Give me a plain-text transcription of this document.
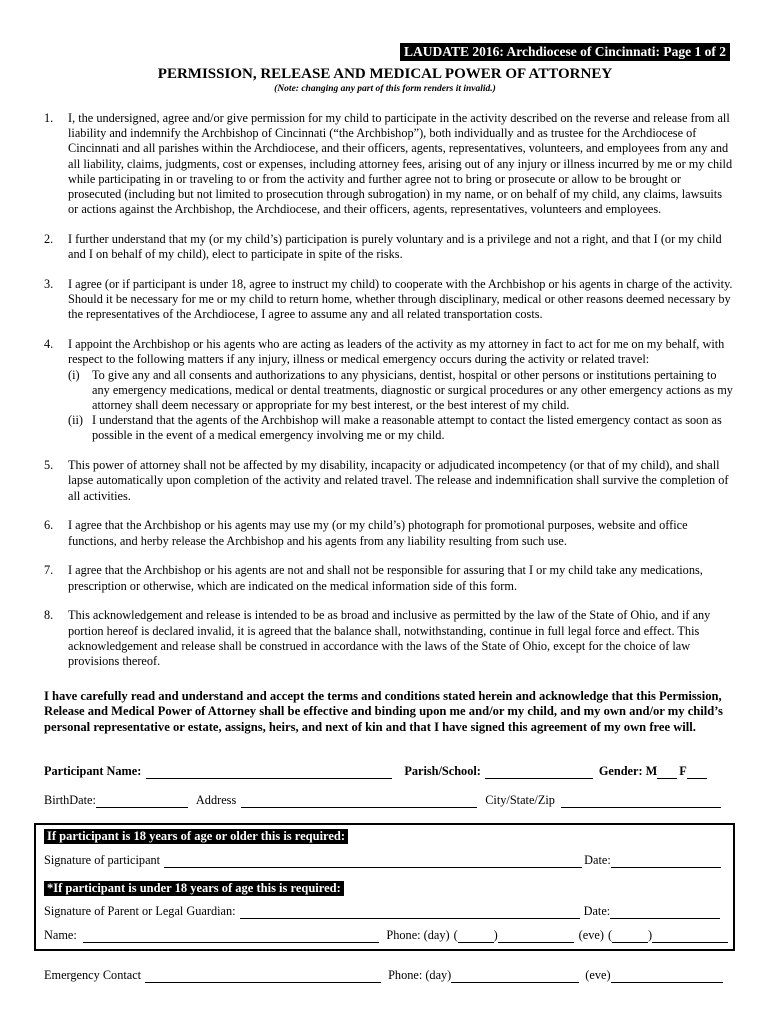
LAUDATE 2016: Archdiocese of Cincinnati: Page 1 of 2
PERMISSION, RELEASE AND MEDICAL POWER OF ATTORNEY
(Note: changing any part of this form renders it invalid.)
1.	I, the undersigned, agree and/or give permission for my child to participate in the activity described on the reverse and release from all liability and indemnify the Archbishop of Cincinnati (“the Archbishop”), both individually and as trustee for the Archdiocese of Cincinnati and all parishes within the Archdiocese, and their officers, agents, representatives, volunteers, and employees from any and all liability, claims, judgments, cost or expenses, including attorney fees, arising out of any injury or illness incurred by me or my child while participating in or traveling to or from the activity and further agree not to bring or prosecute or allow to be brought or prosecuted (including but not limited to prosecution through subrogation) in my name, or on behalf of my child, any claims, lawsuits or actions against the Archbishop, the Archdiocese, and their officers, agents, representatives, volunteers and employees.
2.	I further understand that my (or my child’s) participation is purely voluntary and is a privilege and not a right, and that I (or my child and I on behalf of my child), elect to participate in spite of the risks.
3.	I agree (or if participant is under 18, agree to instruct my child) to cooperate with the Archbishop or his agents in charge of the activity. Should it be necessary for me or my child to return home, whether through disciplinary, medical or other reasons deemed necessary by the representatives of the Archdiocese, I agree to assume any and all related transportation costs.
4.	I appoint the Archbishop or his agents who are acting as leaders of the activity as my attorney in fact to act for me on my behalf, with respect to the following matters if any injury, illness or medical emergency occurs during the activity or related travel:
(i)	To give any and all consents and authorizations to any physicians, dentist, hospital or other persons or institutions pertaining to any emergency medications, medical or dental treatments, diagnostic or surgical procedures or any other emergency actions as my attorney shall deem necessary or appropriate for my best interest, or the best interest of my child.
(ii) I understand that the agents of the Archbishop will make a reasonable attempt to contact the listed emergency contact as soon as possible in the event of a medical emergency involving me or my child.
5.	This power of attorney shall not be affected by my disability, incapacity or adjudicated incompetency (or that of my child), and shall lapse automatically upon completion of the activity and related travel. The release and indemnification shall survive the completion of all activities.
6.	I agree that the Archbishop or his agents may use my (or my child’s) photograph for promotional purposes, website and office functions, and herby release the Archbishop and his agents from any liability resulting from such use.
7.	I agree that the Archbishop or his agents are not and shall not be responsible for assuring that I or my child take any medications, prescription or otherwise, which are indicated on the medical information side of this form.
8.	This acknowledgement and release is intended to be as broad and inclusive as permitted by the law of the State of Ohio, and if any portion hereof is declared invalid, it is agreed that the balance shall, notwithstanding, continue in full legal force and effect. This acknowledgement and release shall be construed in accordance with the laws of the State of Ohio, except for the choice of law provisions thereof.
I have carefully read and understand and accept the terms and conditions stated herein and acknowledge that this Permission, Release and Medical Power of Attorney shall be effective and binding upon me and/or my child, and my own and/or my child’s personal representative or estate, assigns, heirs, and next of kin and that I have signed this agreement of my own free will.
Participant Name:	Parish/School:	Gender: M F
BirthDate:	Address	City/State/Zip
If participant is 18 years of age or older this is required:
Signature of participant	Date:
*If participant is under 18 years of age this is required:
Signature of Parent or Legal Guardian:	Date:
Name:	Phone: (day) (	)	(eve) (	)
Emergency Contact	Phone: (day)	(eve)
